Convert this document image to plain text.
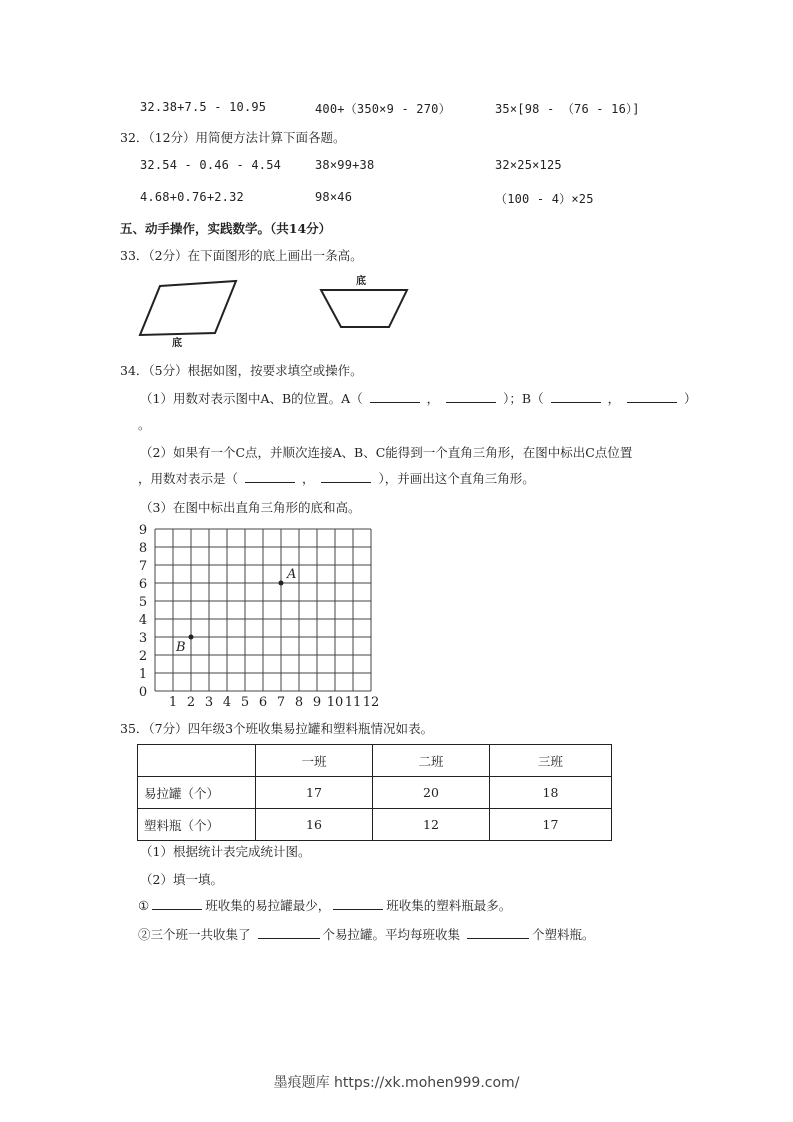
32.38+7.5 - 10.95	400+（350×9 - 270）	35×[98 - （76 - 16）]
32．（12分）用简便方法计算下面各题。
32.54 - 0.46 - 4.54	38×99+38	32×25×125
4.68+0.76+2.32	98×46	（100 - 4）×25
五、动手操作，实践数学。（共14分）
33．（2分）在下面图形的底上画出一条高。
底
底
34．（5分）根据如图，按要求填空或操作。
（1）用数对表示图中A、B的位置。A（	，	）；B（	，	）
。
（2）如果有一个C点，并顺次连接A、B、C能得到一个直角三角形，在图中标出C点位置
，用数对表示是（	，	），并画出这个直角三角形。
（3）在图中标出直角三角形的底和高。
1 2 3 4 5 6 7 8 9 10 11 12
0
1
2
3
4
5
6
7
8
9
A
B
35．（7分）四年级3个班收集易拉罐和塑料瓶情况如表。
	一班	二班	三班
易拉罐（个）	17	20	18
塑料瓶（个）	16	12	17
（1）根据统计表完成统计图。
（2）填一填。
①	班收集的易拉罐最少，	班收集的塑料瓶最多。
②三个班一共收集了	个易拉罐。平均每班收集	个塑料瓶。
墨痕题库 https://xk.mohen999.com/
